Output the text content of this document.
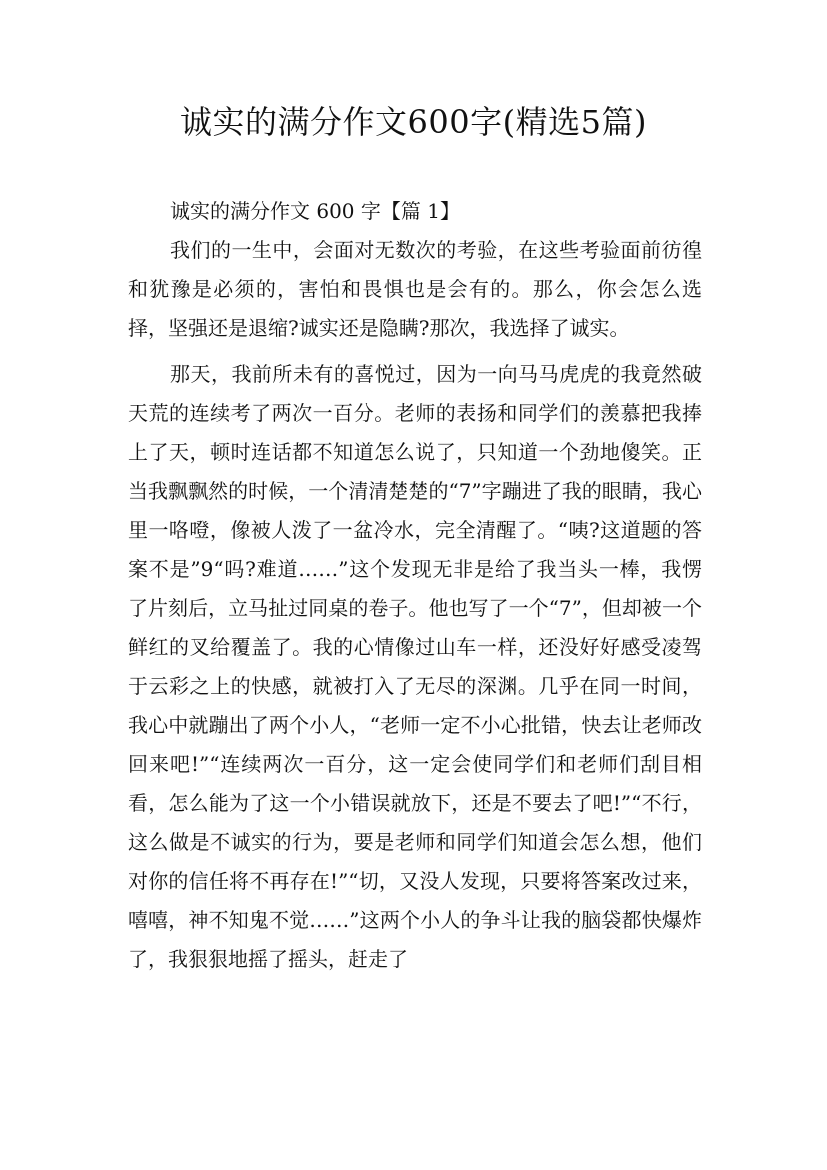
诚实的满分作文600字(精选5篇)
诚实的满分作文 600 字【篇 1】

我们的一生中，会面对无数次的考验，在这些考验面前彷徨和犹豫是必须的，害怕和畏惧也是会有的。那么，你会怎么选择，坚强还是退缩?诚实还是隐瞒?那次，我选择了诚实。

那天，我前所未有的喜悦过，因为一向马马虎虎的我竟然破天荒的连续考了两次一百分。老师的表扬和同学们的羡慕把我捧上了天，顿时连话都不知道怎么说了，只知道一个劲地傻笑。正当我飘飘然的时候，一个清清楚楚的“7”字蹦进了我的眼睛，我心里一咯噔，像被人泼了一盆冷水，完全清醒了。“咦?这道题的答案不是”9“吗?难道……”这个发现无非是给了我当头一棒，我愣了片刻后，立马扯过同桌的卷子。他也写了一个“7”，但却被一个鲜红的叉给覆盖了。我的心情像过山车一样，还没好好感受凌驾于云彩之上的快感，就被打入了无尽的深渊。几乎在同一时间，我心中就蹦出了两个小人，“老师一定不小心批错，快去让老师改回来吧!”“连续两次一百分，这一定会使同学们和老师们刮目相看，怎么能为了这一个小错误就放下，还是不要去了吧!”“不行，这么做是不诚实的行为，要是老师和同学们知道会怎么想，他们对你的信任将不再存在!”“切，又没人发现，只要将答案改过来，嘻嘻，神不知鬼不觉……”这两个小人的争斗让我的脑袋都快爆炸了，我狠狠地摇了摇头，赶走了
